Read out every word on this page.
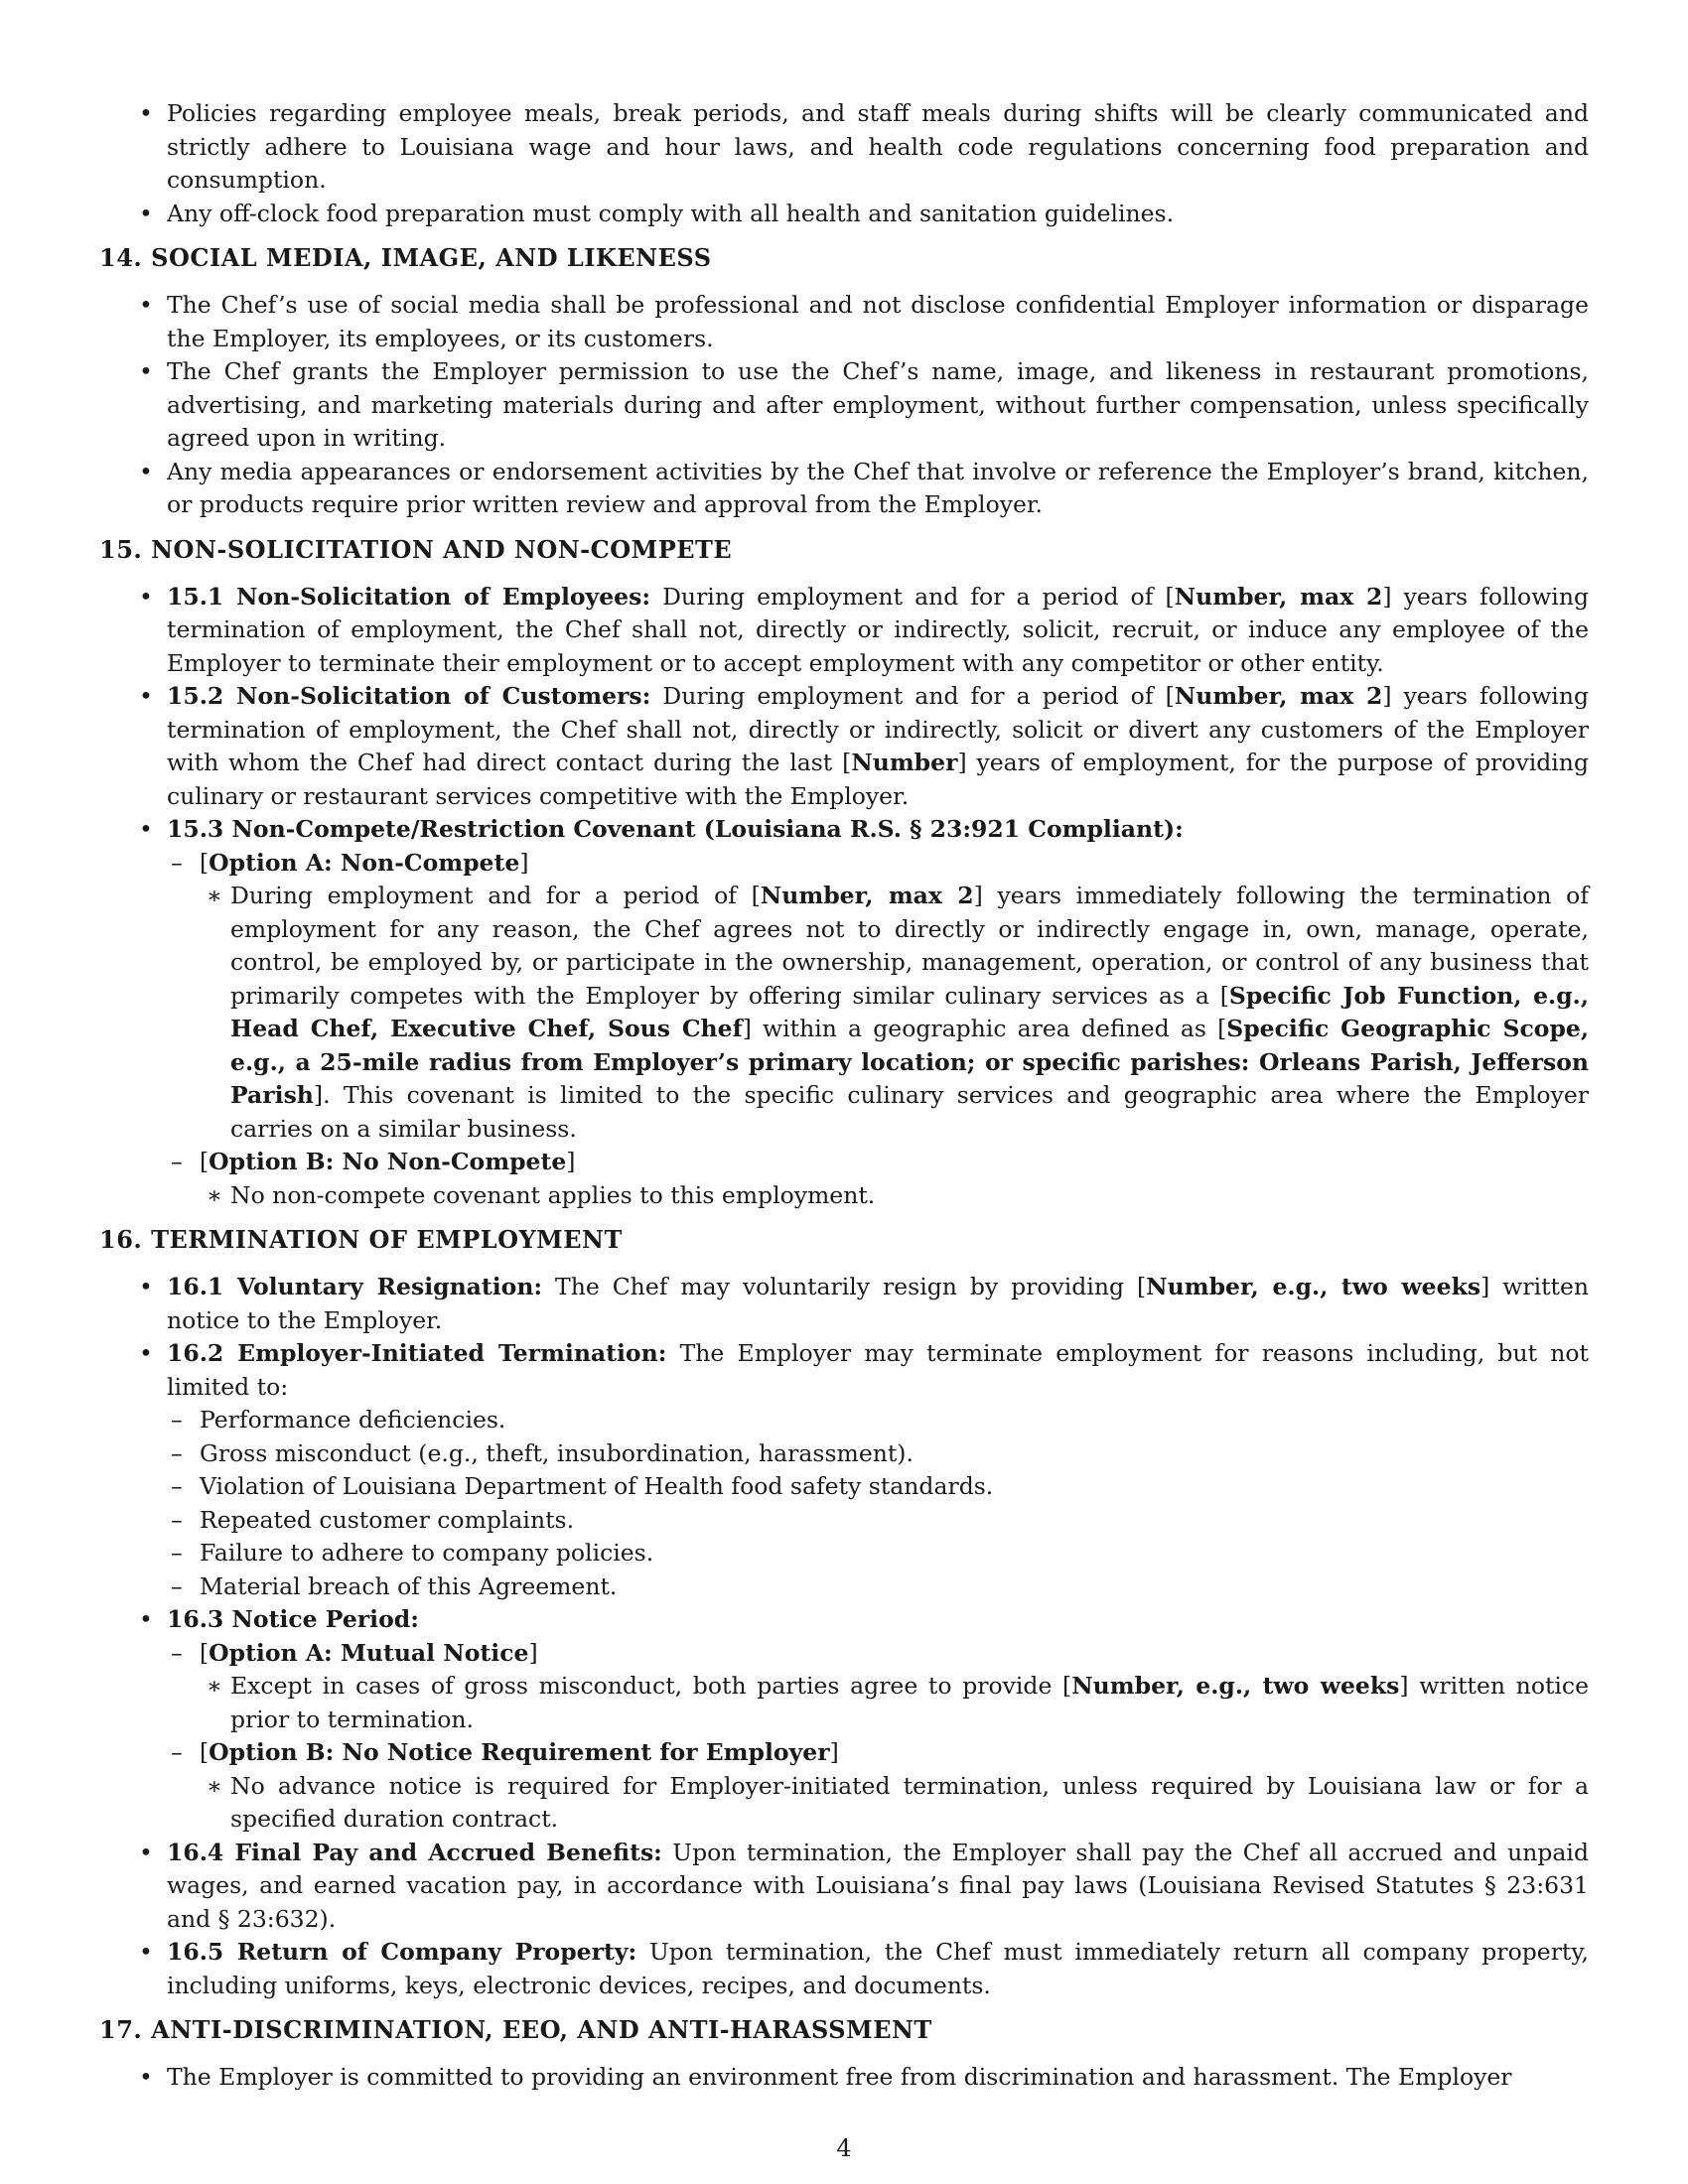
• Policies regarding employee meals, break periods, and staff meals during shifts will be clearly communicated and strictly adhere to Louisiana wage and hour laws, and health code regulations concerning food preparation and consumption.
• Any off-clock food preparation must comply with all health and sanitation guidelines.
14. SOCIAL MEDIA, IMAGE, AND LIKENESS
• The Chef’s use of social media shall be professional and not disclose confidential Employer information or disparage the Employer, its employees, or its customers.
• The Chef grants the Employer permission to use the Chef’s name, image, and likeness in restaurant promotions, advertising, and marketing materials during and after employment, without further compensation, unless specifically agreed upon in writing.
• Any media appearances or endorsement activities by the Chef that involve or reference the Employer’s brand, kitchen, or products require prior written review and approval from the Employer.
15. NON-SOLICITATION AND NON-COMPETE
• 15.1 Non-Solicitation of Employees: During employment and for a period of [Number, max 2] years following termination of employment, the Chef shall not, directly or indirectly, solicit, recruit, or induce any employee of the Employer to terminate their employment or to accept employment with any competitor or other entity.
• 15.2 Non-Solicitation of Customers: During employment and for a period of [Number, max 2] years following termination of employment, the Chef shall not, directly or indirectly, solicit or divert any customers of the Employer with whom the Chef had direct contact during the last [Number] years of employment, for the purpose of providing culinary or restaurant services competitive with the Employer.
• 15.3 Non-Compete/Restriction Covenant (Louisiana R.S. § 23:921 Compliant):
– [Option A: Non-Compete]
∗ During employment and for a period of [Number, max 2] years immediately following the termination of employment for any reason, the Chef agrees not to directly or indirectly engage in, own, manage, operate, control, be employed by, or participate in the ownership, management, operation, or control of any business that primarily competes with the Employer by offering similar culinary services as a [Specific Job Function, e.g., Head Chef, Executive Chef, Sous Chef] within a geographic area defined as [Specific Geographic Scope, e.g., a 25-mile radius from Employer’s primary location; or specific parishes: Orleans Parish, Jefferson Parish]. This covenant is limited to the specific culinary services and geographic area where the Employer carries on a similar business.
– [Option B: No Non-Compete]
∗ No non-compete covenant applies to this employment.
16. TERMINATION OF EMPLOYMENT
• 16.1 Voluntary Resignation: The Chef may voluntarily resign by providing [Number, e.g., two weeks] written notice to the Employer.
• 16.2 Employer-Initiated Termination: The Employer may terminate employment for reasons including, but not limited to:
– Performance deficiencies.
– Gross misconduct (e.g., theft, insubordination, harassment).
– Violation of Louisiana Department of Health food safety standards.
– Repeated customer complaints.
– Failure to adhere to company policies.
– Material breach of this Agreement.
• 16.3 Notice Period:
– [Option A: Mutual Notice]
∗ Except in cases of gross misconduct, both parties agree to provide [Number, e.g., two weeks] written notice prior to termination.
– [Option B: No Notice Requirement for Employer]
∗ No advance notice is required for Employer-initiated termination, unless required by Louisiana law or for a specified duration contract.
• 16.4 Final Pay and Accrued Benefits: Upon termination, the Employer shall pay the Chef all accrued and unpaid wages, and earned vacation pay, in accordance with Louisiana’s final pay laws (Louisiana Revised Statutes § 23:631 and § 23:632).
• 16.5 Return of Company Property: Upon termination, the Chef must immediately return all company property, including uniforms, keys, electronic devices, recipes, and documents.
17. ANTI-DISCRIMINATION, EEO, AND ANTI-HARASSMENT
• The Employer is committed to providing an environment free from discrimination and harassment. The Employer
4
